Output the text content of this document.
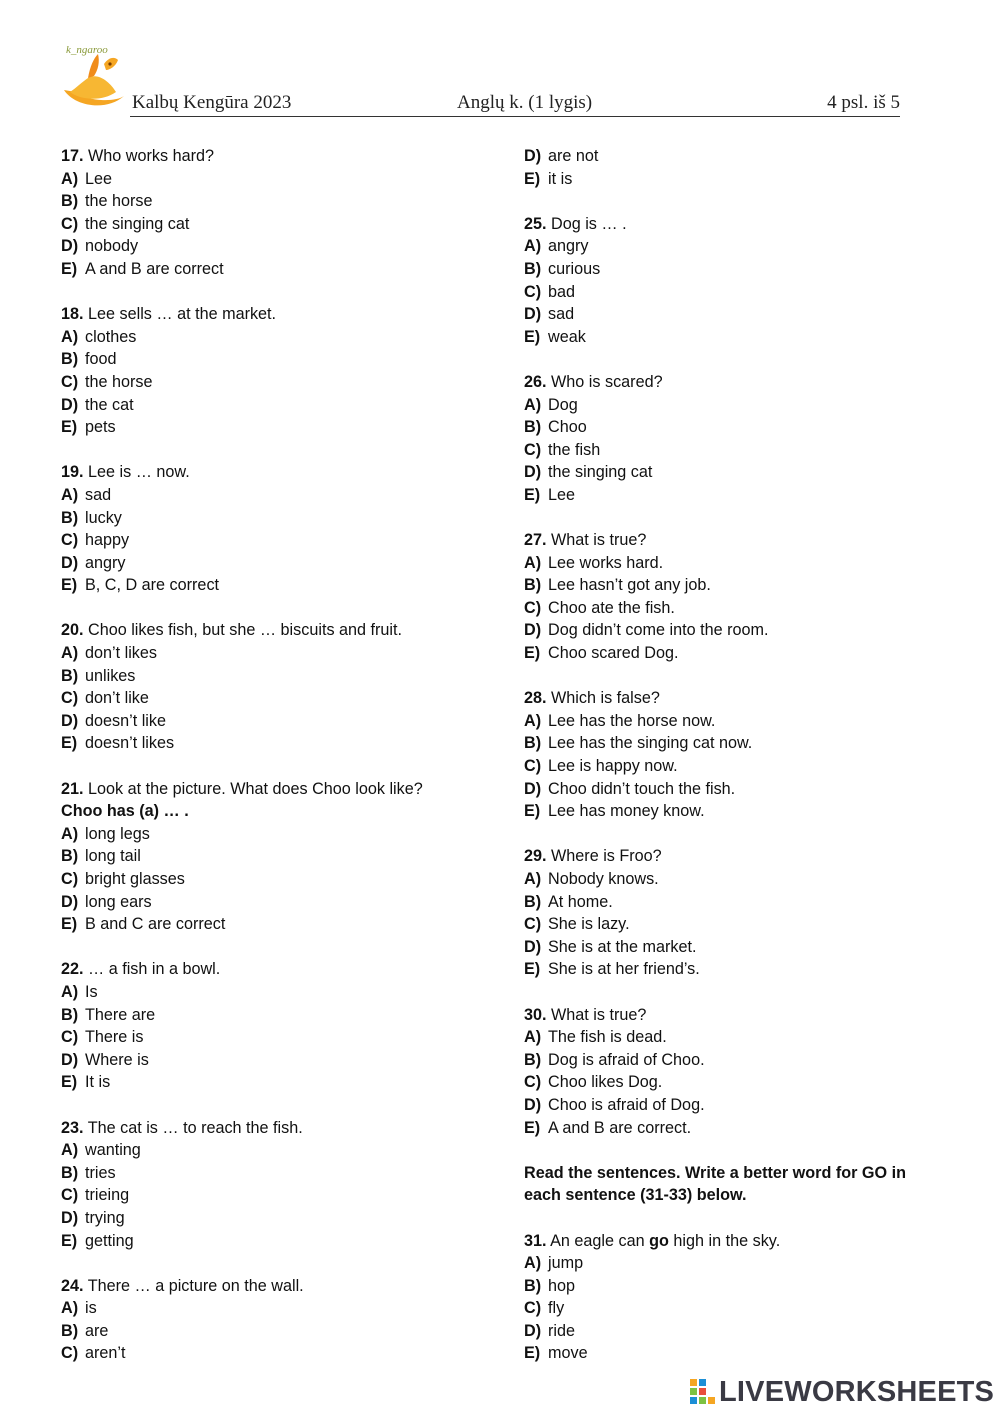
k_ngaroo
Kalbų Kengūra 2023	Anglų k. (1 lygis)	4 psl. iš 5
17. Who works hard?
A) Lee
B) the horse
C) the singing cat
D) nobody
E) A and B are correct
18. Lee sells … at the market.
A) clothes
B) food
C) the horse
D) the cat
E) pets
19. Lee is … now.
A) sad
B) lucky
C) happy
D) angry
E) B, C, D are correct
20. Choo likes fish, but she … biscuits and fruit.
A) don’t likes
B) unlikes
C) don’t like
D) doesn’t like
E) doesn’t likes
21. Look at the picture. What does Choo look like?
Choo has (a) … .
A) long legs
B) long tail
C) bright glasses
D) long ears
E) B and C are correct
22. … a fish in a bowl.
A) Is
B) There are
C) There is
D) Where is
E) It is
23. The cat is … to reach the fish.
A) wanting
B) tries
C) trieing
D) trying
E) getting
24. There … a picture on the wall.
A) is
B) are
C) aren’t
D) are not
E) it is
25. Dog is … .
A) angry
B) curious
C) bad
D) sad
E) weak
26. Who is scared?
A) Dog
B) Choo
C) the fish
D) the singing cat
E) Lee
27. What is true?
A) Lee works hard.
B) Lee hasn’t got any job.
C) Choo ate the fish.
D) Dog didn’t come into the room.
E) Choo scared Dog.
28. Which is false?
A) Lee has the horse now.
B) Lee has the singing cat now.
C) Lee is happy now.
D) Choo didn’t touch the fish.
E) Lee has money know.
29. Where is Froo?
A) Nobody knows.
B) At home.
C) She is lazy.
D) She is at the market.
E) She is at her friend’s.
30. What is true?
A) The fish is dead.
B) Dog is afraid of Choo.
C) Choo likes Dog.
D) Choo is afraid of Dog.
E) A and B are correct.
Read the sentences. Write a better word for GO in
each sentence (31-33) below.
31. An eagle can go high in the sky.
A) jump
B) hop
C) fly
D) ride
E) move
LIVEWORKSHEETS
